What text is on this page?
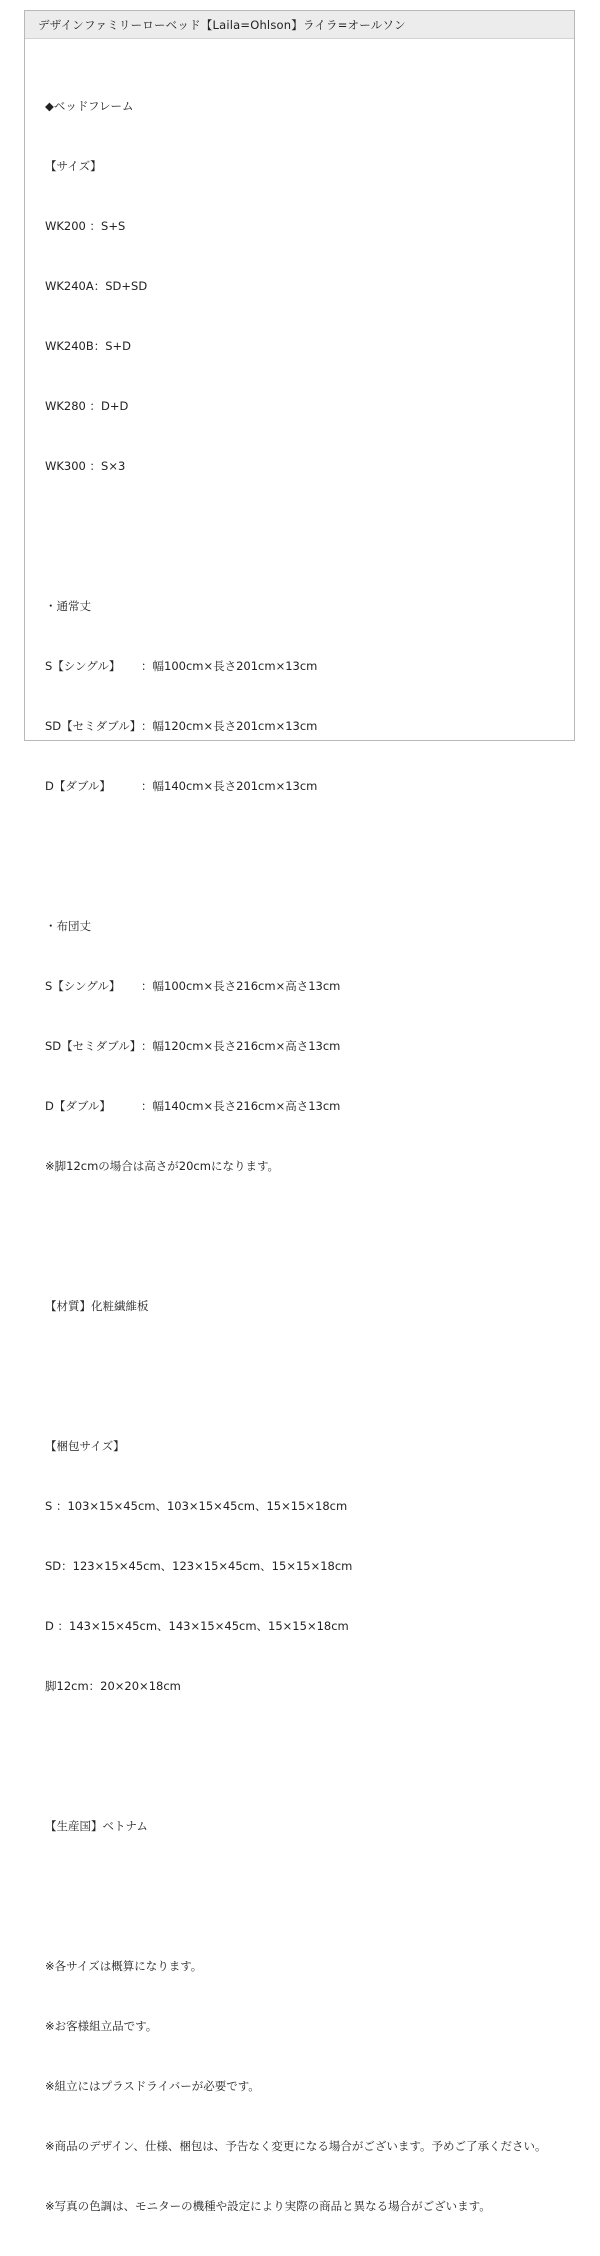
デザインファミリーローベッド【Laila=Ohlson】ライラ=オールソン

◆ベッドフレーム

【サイズ】

WK200 ：S+S

WK240A：SD+SD

WK240B：S+D

WK280 ：D+D

WK300 ：S×3

・通常丈

S【シングル】	：幅100cm×長さ201cm×13cm

SD【セミダブル】 ：幅120cm×長さ201cm×13cm

D【ダブル】	：幅140cm×長さ201cm×13cm

・布団丈

S【シングル】	：幅100cm×長さ216cm×高さ13cm

SD【セミダブル】 ：幅120cm×長さ216cm×高さ13cm

D【ダブル】	：幅140cm×長さ216cm×高さ13cm

※脚12cmの場合は高さが20cmになります。

【材質】化粧繊維板

【梱包サイズ】

S ：103×15×45cm、103×15×45cm、15×15×18cm

SD：123×15×45cm、123×15×45cm、15×15×18cm

D ：143×15×45cm、143×15×45cm、15×15×18cm

脚12cm：20×20×18cm

【生産国】ベトナム

※各サイズは概算になります。

※お客様組立品です。

※組立にはプラスドライバーが必要です。

※商品のデザイン、仕様、梱包は、予告なく変更になる場合がございます。予めご了承ください。

※写真の色調は、モニターの機種や設定により実際の商品と異なる場合がございます。
